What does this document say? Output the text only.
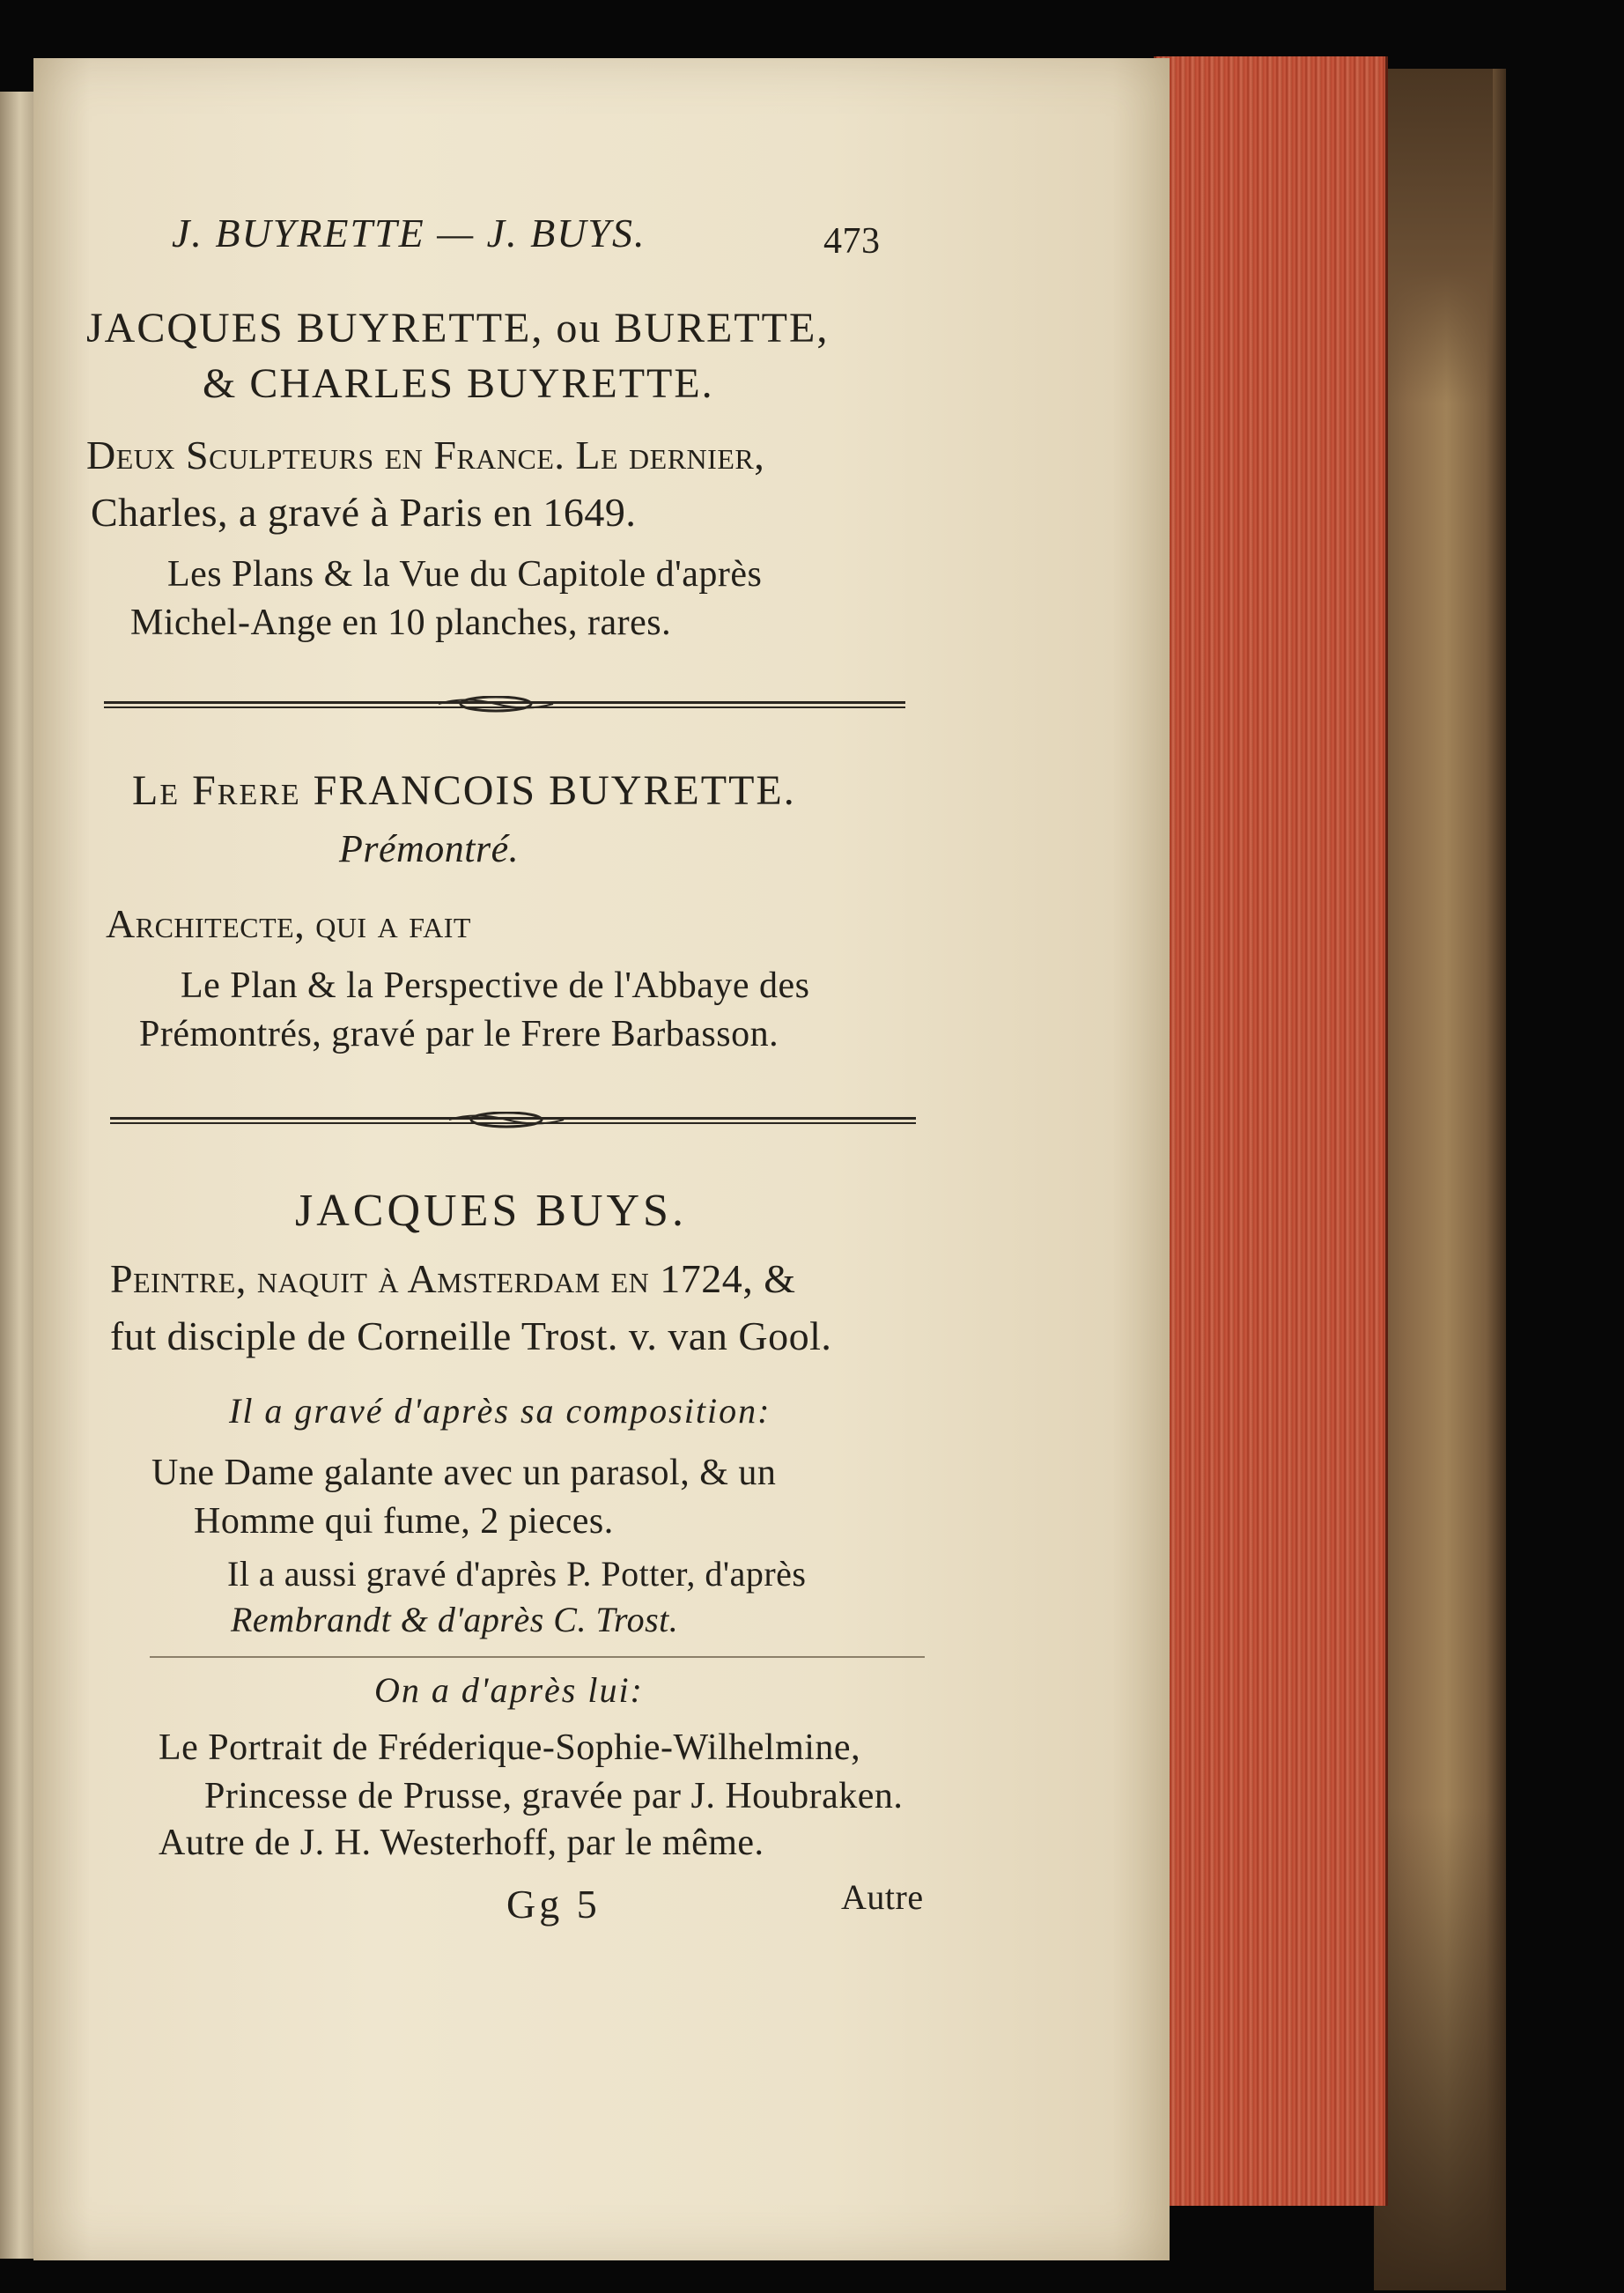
J. BUYRETTE — J. BUYS.	473

JACQUES BUYRETTE, ou BURETTE,

& CHARLES BUYRETTE.

Deux Sculpteurs en France. Le dernier,

Charles, a gravé à Paris en 1649.

Les Plans & la Vue du Capitole d'après

Michel-Ange en 10 planches, rares.

Le Frere FRANCOIS BUYRETTE.

Prémontré.

Architecte, qui a fait

Le Plan & la Perspective de l'Abbaye des

Prémontrés, gravé par le Frere Barbasson.

JACQUES BUYS.

Peintre, naquit à Amsterdam en 1724, &

fut disciple de Corneille Trost. v. van Gool.

Il a gravé d'après sa composition:

Une Dame galante avec un parasol, & un

Homme qui fume, 2 pieces.

Il a aussi gravé d'après P. Potter, d'après

Rembrandt & d'après C. Trost.

On a d'après lui:

Le Portrait de Fréderique-Sophie-Wilhelmine,

Princesse de Prusse, gravée par J. Houbraken.

Autre de J. H. Westerhoff, par le même.

Gg 5	Autre
